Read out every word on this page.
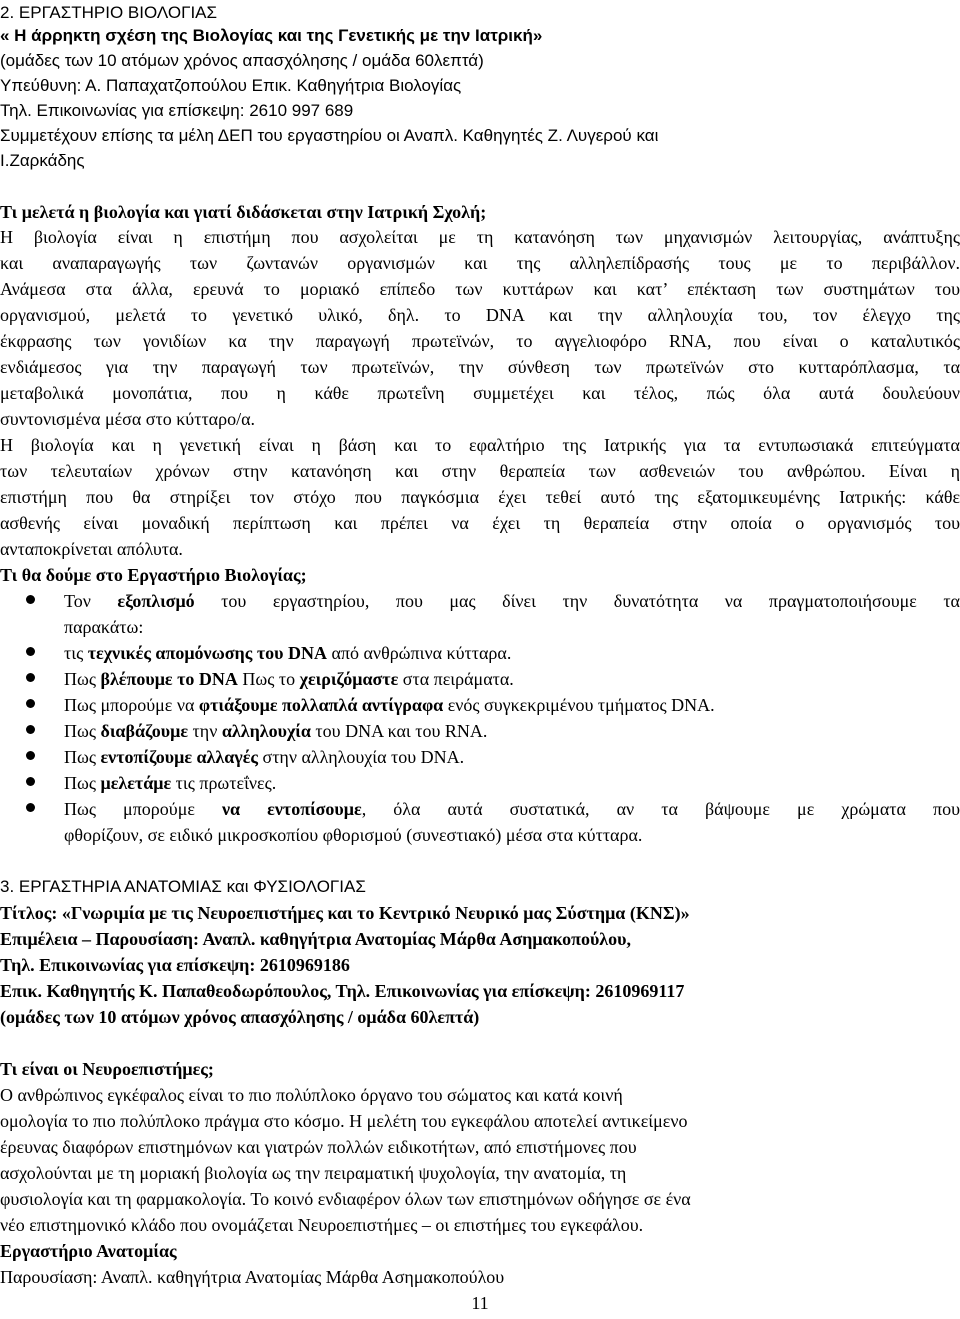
2. ΕΡΓΑΣΤΗΡΙΟ ΒΙΟΛΟΓΙΑΣ
« Η άρρηκτη σχέση της Βιολογίας και της Γενετικής με την Ιατρική»
(ομάδες των 10 ατόμων χρόνος απασχόλησης / ομάδα 60λεπτά)
Υπεύθυνη: Α. Παπαχατζοπούλου Επικ. Καθηγήτρια Βιολογίας
Τηλ. Επικοινωνίας για επίσκεψη: 2610 997 689
Συμμετέχουν επίσης τα μέλη ΔΕΠ του εργαστηρίου οι Αναπλ. Καθηγητές Ζ. Λυγερού και
Ι.Ζαρκάδης
Τι μελετά η βιολογία και γιατί διδάσκεται στην Ιατρική Σχολή;
Η βιολογία είναι η επιστήμη που ασχολείται με τη κατανόηση των μηχανισμών λειτουργίας, ανάπτυξης
και αναπαραγωγής των ζωντανών οργανισμών και της αλληλεπίδρασής τους με το περιβάλλον.
Ανάμεσα στα άλλα, ερευνά το μοριακό επίπεδο των κυττάρων και κατ’ επέκταση των συστημάτων του
οργανισμού, μελετά το γενετικό υλικό, δηλ. το DNA και την αλληλουχία του, τον έλεγχο της
έκφρασης των γονιδίων κα την παραγωγή πρωτεϊνών, το αγγελιοφόρο RNA, που είναι ο καταλυτικός
ενδιάμεσος για την παραγωγή των πρωτεϊνών, την σύνθεση των πρωτεϊνών στο κυτταρόπλασμα, τα
μεταβολικά μονοπάτια, που η κάθε πρωτεΐνη συμμετέχει και τέλος, πώς όλα αυτά δουλεύουν
συντονισμένα μέσα στο κύτταρο/α.
Η βιολογία και η γενετική είναι η βάση και το εφαλτήριο της Ιατρικής για τα εντυπωσιακά επιτεύγματα
των τελευταίων χρόνων στην κατανόηση και στην θεραπεία των ασθενειών του ανθρώπου. Είναι η
επιστήμη που θα στηρίξει τον στόχο που παγκόσμια έχει τεθεί αυτό της εξατομικευμένης Ιατρικής: κάθε
ασθενής είναι μοναδική περίπτωση και πρέπει να έχει τη θεραπεία στην οποία ο οργανισμός του
ανταποκρίνεται απόλυτα.
Τι θα δούμε στο Εργαστήριο Βιολογίας;
Τον εξοπλισμό του εργαστηρίου, που μας δίνει την δυνατότητα να πραγματοποιήσουμε τα
παρακάτω:
τις τεχνικές απομόνωσης του DNA από ανθρώπινα κύτταρα.
Πως βλέπουμε το DNA Πως το χειριζόμαστε στα πειράματα.
Πως μπορούμε να φτιάξουμε πολλαπλά αντίγραφα ενός συγκεκριμένου τμήματος DNA.
Πως διαβάζουμε την αλληλουχία του DNA και του RNA.
Πως εντοπίζουμε αλλαγές στην αλληλουχία του DNA.
Πως μελετάμε τις πρωτεΐνες.
Πως μπορούμε να εντοπίσουμε, όλα αυτά συστατικά, αν τα βάψουμε με χρώματα που
φθορίζουν, σε ειδικό μικροσκοπίου φθορισμού (συνεστιακό) μέσα στα κύτταρα.
3. ΕΡΓΑΣΤΗΡΙΑ ΑΝΑΤΟΜΙΑΣ και ΦΥΣΙΟΛΟΓΙΑΣ
Τίτλος: «Γνωριμία με τις Νευροεπιστήμες και το Κεντρικό Νευρικό μας Σύστημα (ΚΝΣ)»
Επιμέλεια – Παρουσίαση: Αναπλ. καθηγήτρια Ανατομίας Μάρθα Ασημακοπούλου,
Τηλ. Επικοινωνίας για επίσκεψη: 2610969186
Επικ. Καθηγητής Κ. Παπαθεοδωρόπουλος, Τηλ. Επικοινωνίας για επίσκεψη: 2610969117
(ομάδες των 10 ατόμων χρόνος απασχόλησης / ομάδα 60λεπτά)
Τι είναι οι Νευροεπιστήμες;
Ο ανθρώπινος εγκέφαλος είναι το πιο πολύπλοκο όργανο του σώματος και κατά κοινή
ομολογία το πιο πολύπλοκο πράγμα στο κόσμο. Η μελέτη του εγκεφάλου αποτελεί αντικείμενο
έρευνας διαφόρων επιστημόνων και γιατρών πολλών ειδικοτήτων, από επιστήμονες που
ασχολούνται με τη μοριακή βιολογία ως την πειραματική ψυχολογία, την ανατομία, τη
φυσιολογία και τη φαρμακολογία. Το κοινό ενδιαφέρον όλων των επιστημόνων οδήγησε σε ένα
νέο επιστημονικό κλάδο που ονομάζεται Νευροεπιστήμες – οι επιστήμες του εγκεφάλου.
Εργαστήριο Ανατομίας
Παρουσίαση: Αναπλ. καθηγήτρια Ανατομίας Μάρθα Ασημακοπούλου
11
